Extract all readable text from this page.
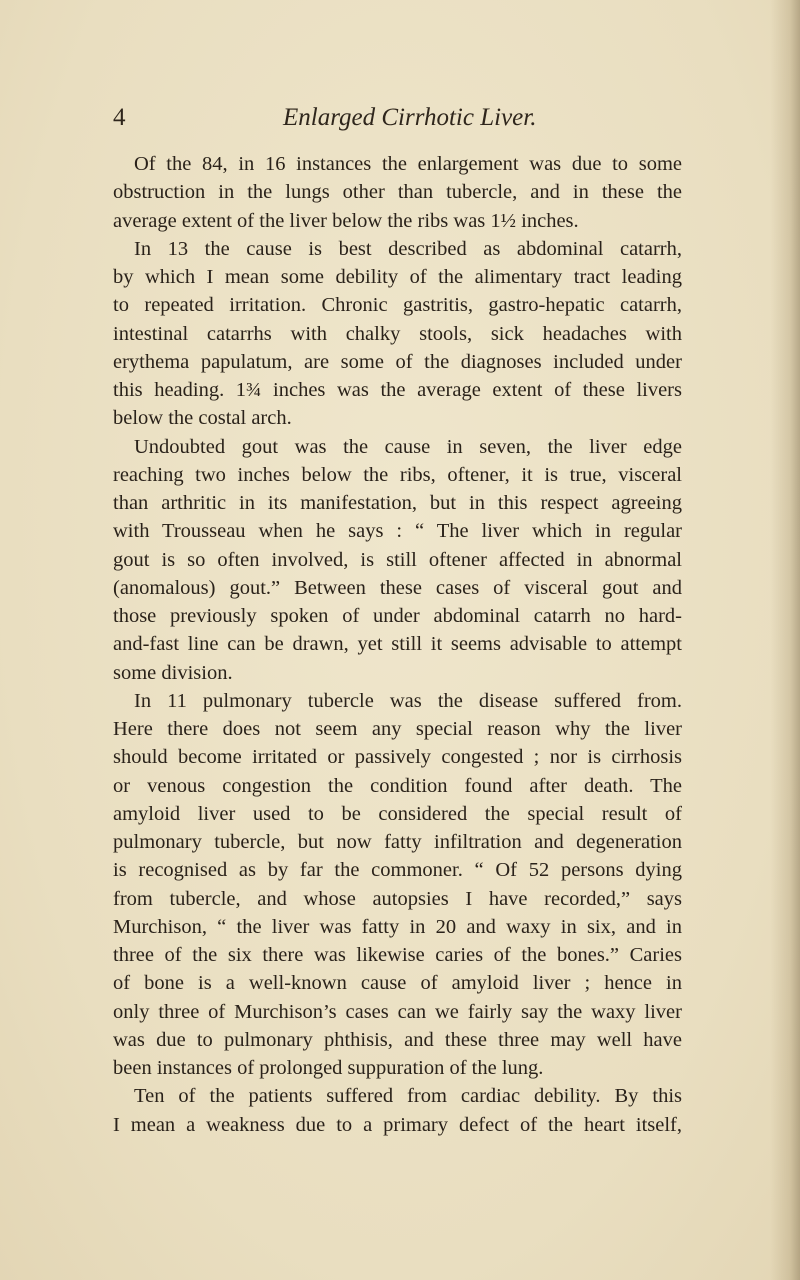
4	Enlarged Cirrhotic Liver.
Of the 84, in 16 instances the enlargement was due to some
obstruction in the lungs other than tubercle, and in these the
average extent of the liver below the ribs was 1½ inches.
In 13 the cause is best described as abdominal catarrh,
by which I mean some debility of the alimentary tract leading
to repeated irritation. Chronic gastritis, gastro-hepatic catarrh,
intestinal catarrhs with chalky stools, sick headaches with
erythema papulatum, are some of the diagnoses included under
this heading. 1¾ inches was the average extent of these livers
below the costal arch.
Undoubted gout was the cause in seven, the liver edge
reaching two inches below the ribs, oftener, it is true, visceral
than arthritic in its manifestation, but in this respect agreeing
with Trousseau when he says : “ The liver which in regular
gout is so often involved, is still oftener affected in abnormal
(anomalous) gout.” Between these cases of visceral gout and
those previously spoken of under abdominal catarrh no hard-
and-fast line can be drawn, yet still it seems advisable to attempt
some division.
In 11 pulmonary tubercle was the disease suffered from.
Here there does not seem any special reason why the liver
should become irritated or passively congested ; nor is cirrhosis
or venous congestion the condition found after death. The
amyloid liver used to be considered the special result of
pulmonary tubercle, but now fatty infiltration and degeneration
is recognised as by far the commoner. “ Of 52 persons dying
from tubercle, and whose autopsies I have recorded,” says
Murchison, “ the liver was fatty in 20 and waxy in six, and in
three of the six there was likewise caries of the bones.” Caries
of bone is a well-known cause of amyloid liver ; hence in
only three of Murchison’s cases can we fairly say the waxy liver
was due to pulmonary phthisis, and these three may well have
been instances of prolonged suppuration of the lung.
Ten of the patients suffered from cardiac debility. By this
I mean a weakness due to a primary defect of the heart itself,
